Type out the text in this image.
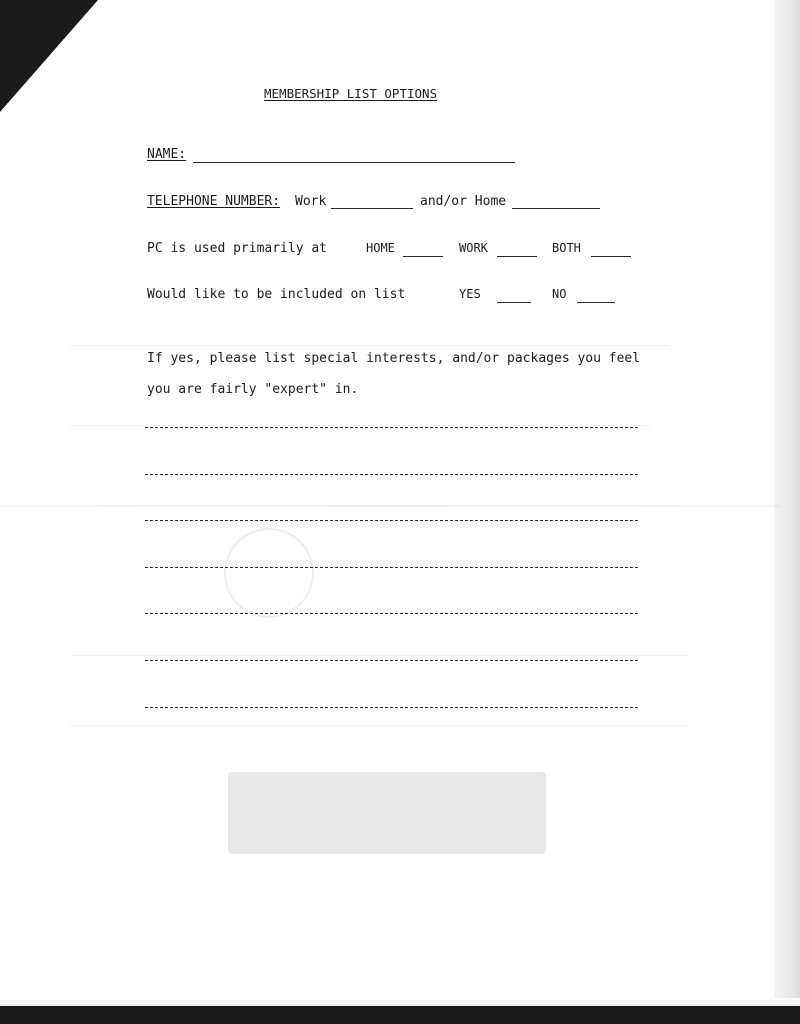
MEMBERSHIP LIST OPTIONS
NAME:
TELEPHONE NUMBER: Work	and/or Home
PC is used primarily at	HOME	WORK	BOTH
Would like to be included on list	YES	NO
If yes, please list special interests, and/or packages you feel
you are fairly "expert" in.
